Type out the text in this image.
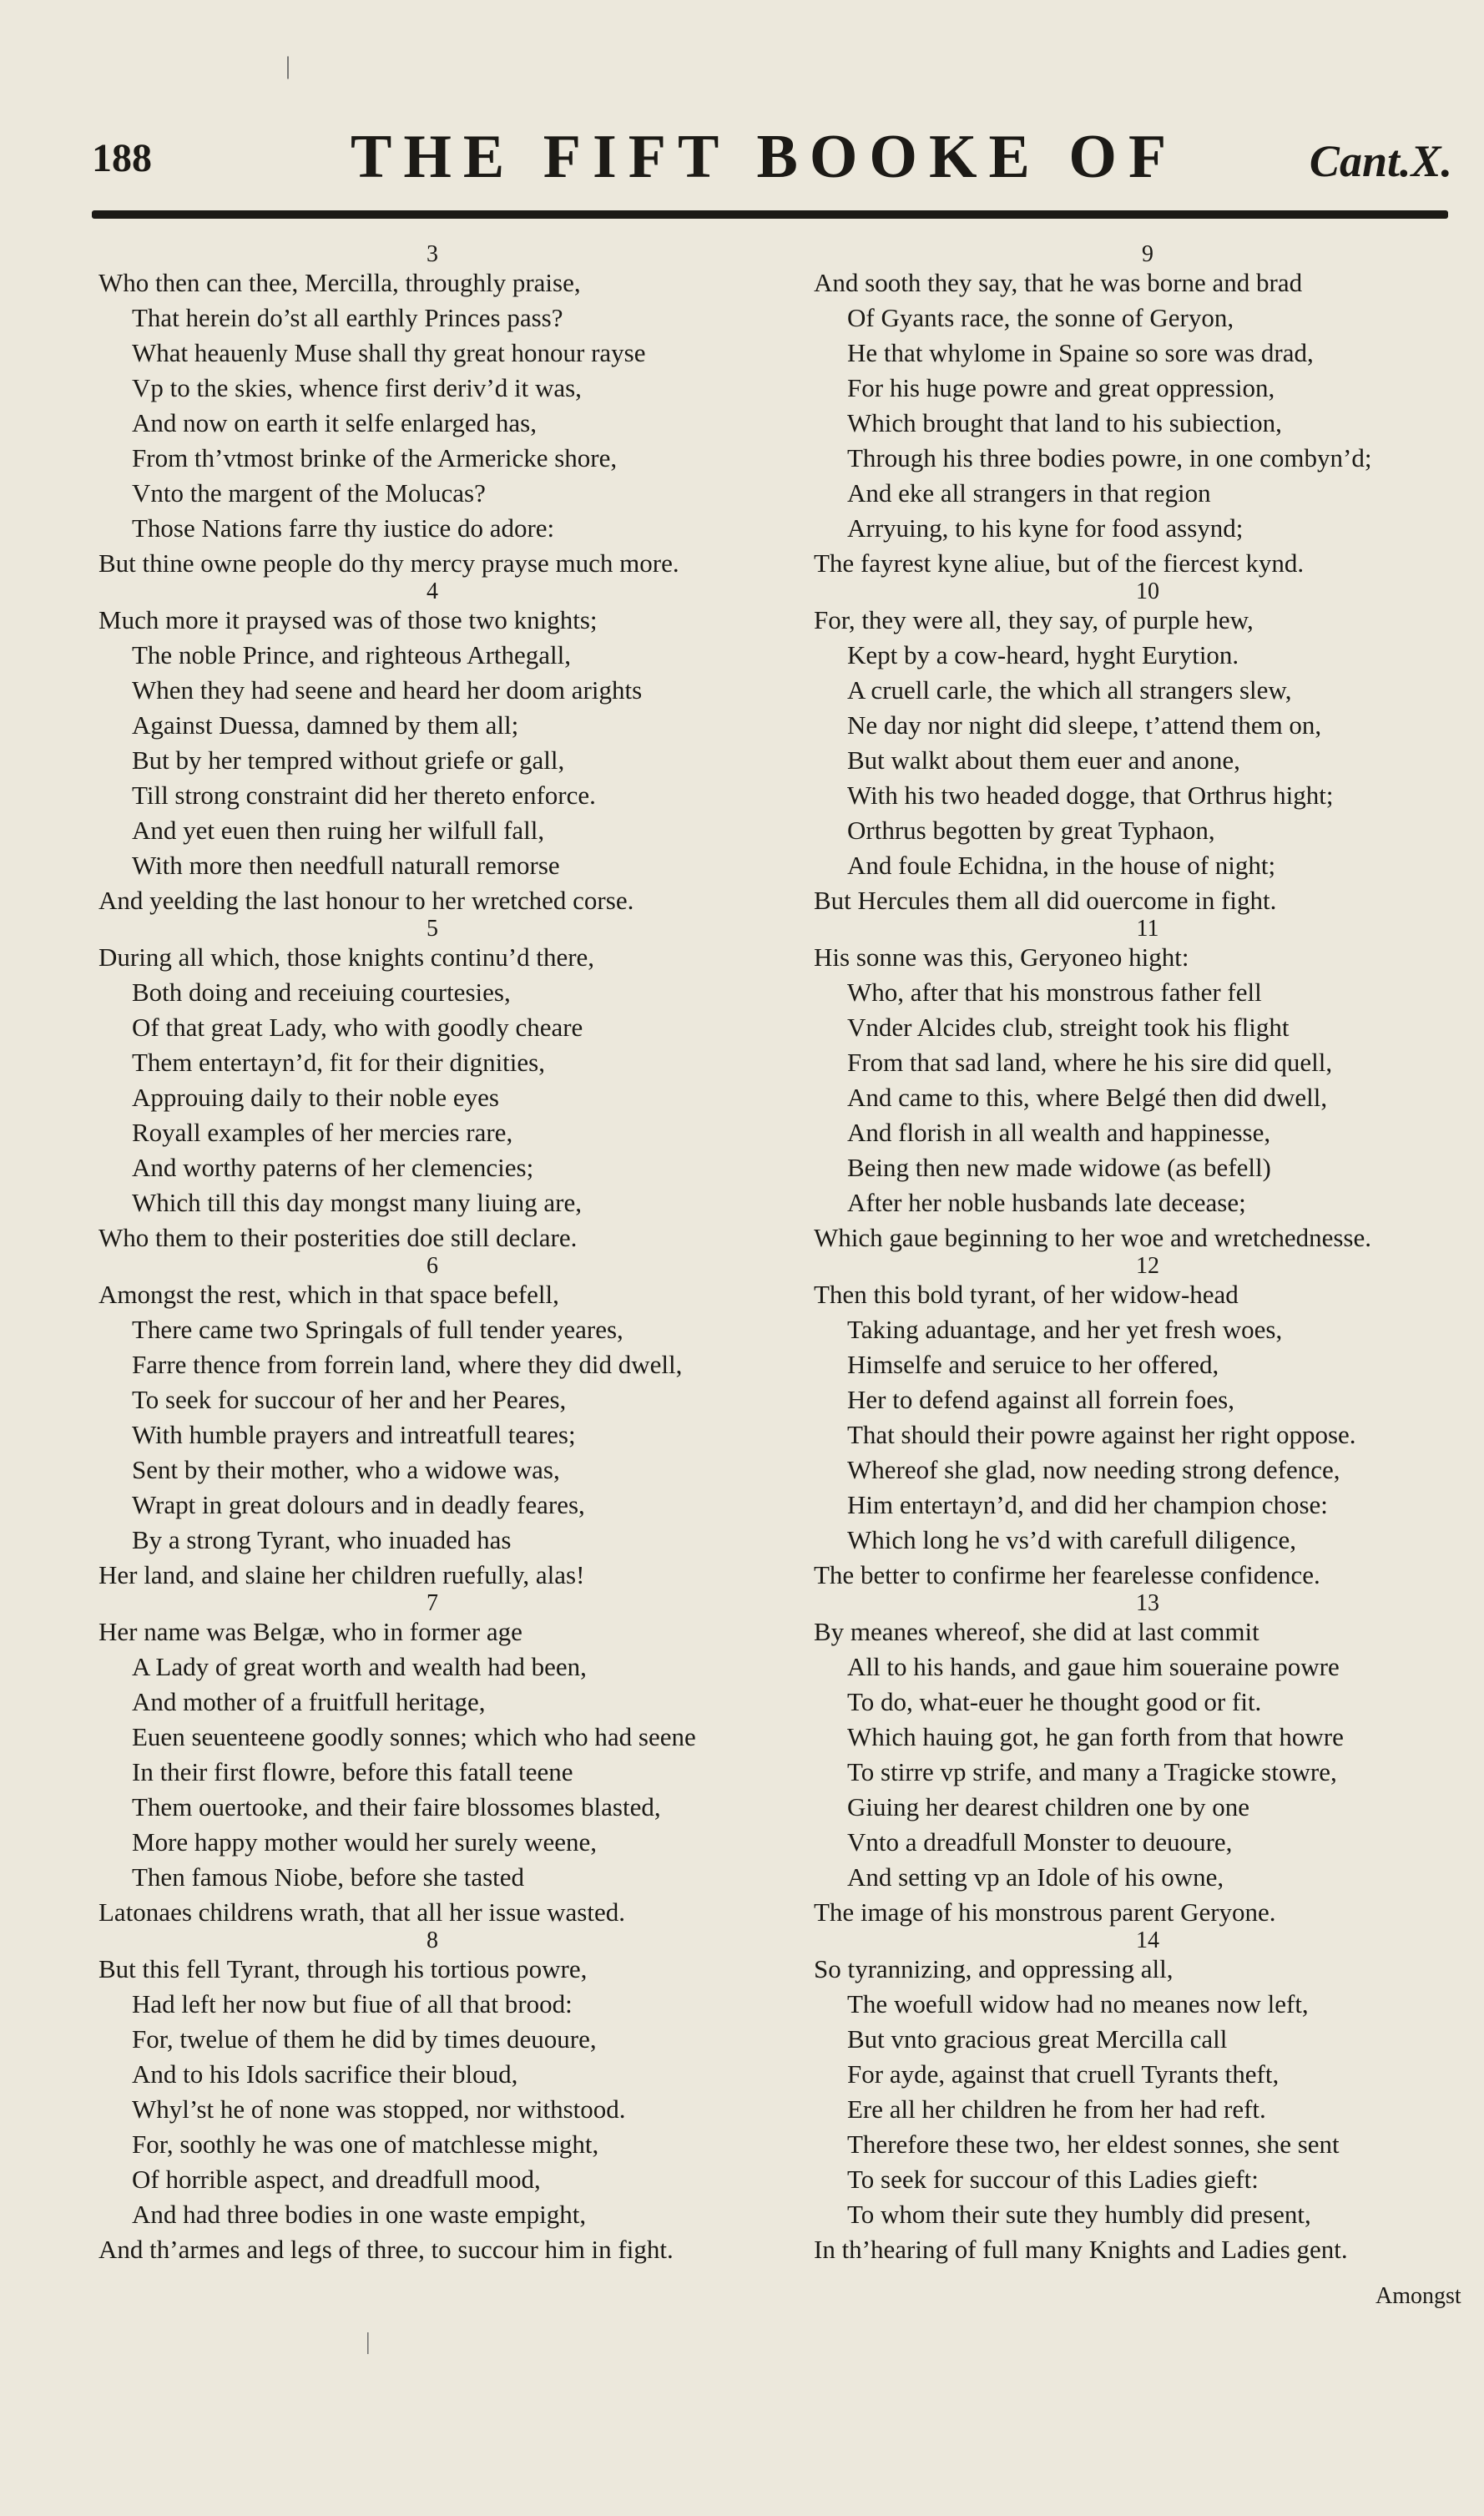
|
188	THE FIFT BOOKE OF	Cant.X.
3
Who then can thee, Mercilla, throughly praise,
That herein do’st all earthly Princes pass?
What heauenly Muse shall thy great honour rayse
Vp to the skies, whence first deriv’d it was,
And now on earth it selfe enlarged has,
From th’vtmost brinke of the Armericke shore,
Vnto the margent of the Molucas?
Those Nations farre thy iustice do adore:
But thine owne people do thy mercy prayse much more.
4
Much more it praysed was of those two knights;
The noble Prince, and righteous Arthegall,
When they had seene and heard her doom arights
Against Duessa, damned by them all;
But by her tempred without griefe or gall,
Till strong constraint did her thereto enforce.
And yet euen then ruing her wilfull fall,
With more then needfull naturall remorse
And yeelding the last honour to her wretched corse.
5
During all which, those knights continu’d there,
Both doing and receiuing courtesies,
Of that great Lady, who with goodly cheare
Them entertayn’d, fit for their dignities,
Approuing daily to their noble eyes
Royall examples of her mercies rare,
And worthy paterns of her clemencies;
Which till this day mongst many liuing are,
Who them to their posterities doe still declare.
6
Amongst the rest, which in that space befell,
There came two Springals of full tender yeares,
Farre thence from forrein land, where they did dwell,
To seek for succour of her and her Peares,
With humble prayers and intreatfull teares;
Sent by their mother, who a widowe was,
Wrapt in great dolours and in deadly feares,
By a strong Tyrant, who inuaded has
Her land, and slaine her children ruefully, alas!
7
Her name was Belgæ, who in former age
A Lady of great worth and wealth had been,
And mother of a fruitfull heritage,
Euen seuenteene goodly sonnes; which who had seene
In their first flowre, before this fatall teene
Them ouertooke, and their faire blossomes blasted,
More happy mother would her surely weene,
Then famous Niobe, before she tasted
Latonaes childrens wrath, that all her issue wasted.
8
But this fell Tyrant, through his tortious powre,
Had left her now but fiue of all that brood:
For, twelue of them he did by times deuoure,
And to his Idols sacrifice their bloud,
Whyl’st he of none was stopped, nor withstood.
For, soothly he was one of matchlesse might,
Of horrible aspect, and dreadfull mood,
And had three bodies in one waste empight,
And th’armes and legs of three, to succour him in fight.
9
And sooth they say, that he was borne and brad
Of Gyants race, the sonne of Geryon,
He that whylome in Spaine so sore was drad,
For his huge powre and great oppression,
Which brought that land to his subiection,
Through his three bodies powre, in one combyn’d;
And eke all strangers in that region
Arryuing, to his kyne for food assynd;
The fayrest kyne aliue, but of the fiercest kynd.
10
For, they were all, they say, of purple hew,
Kept by a cow-heard, hyght Eurytion.
A cruell carle, the which all strangers slew,
Ne day nor night did sleepe, t’attend them on,
But walkt about them euer and anone,
With his two headed dogge, that Orthrus hight;
Orthrus begotten by great Typhaon,
And foule Echidna, in the house of night;
But Hercules them all did ouercome in fight.
11
His sonne was this, Geryoneo hight:
Who, after that his monstrous father fell
Vnder Alcides club, streight took his flight
From that sad land, where he his sire did quell,
And came to this, where Belgé then did dwell,
And florish in all wealth and happinesse,
Being then new made widowe (as befell)
After her noble husbands late decease;
Which gaue beginning to her woe and wretchednesse.
12
Then this bold tyrant, of her widow-head
Taking aduantage, and her yet fresh woes,
Himselfe and seruice to her offered,
Her to defend against all forrein foes,
That should their powre against her right oppose.
Whereof she glad, now needing strong defence,
Him entertayn’d, and did her champion chose:
Which long he vs’d with carefull diligence,
The better to confirme her fearelesse confidence.
13
By meanes whereof, she did at last commit
All to his hands, and gaue him soueraine powre
To do, what-euer he thought good or fit.
Which hauing got, he gan forth from that howre
To stirre vp strife, and many a Tragicke stowre,
Giuing her dearest children one by one
Vnto a dreadfull Monster to deuoure,
And setting vp an Idole of his owne,
The image of his monstrous parent Geryone.
14
So tyrannizing, and oppressing all,
The woefull widow had no meanes now left,
But vnto gracious great Mercilla call
For ayde, against that cruell Tyrants theft,
Ere all her children he from her had reft.
Therefore these two, her eldest sonnes, she sent
To seek for succour of this Ladies gieft:
To whom their sute they humbly did present,
In th’hearing of full many Knights and Ladies gent.
Amongst
|
